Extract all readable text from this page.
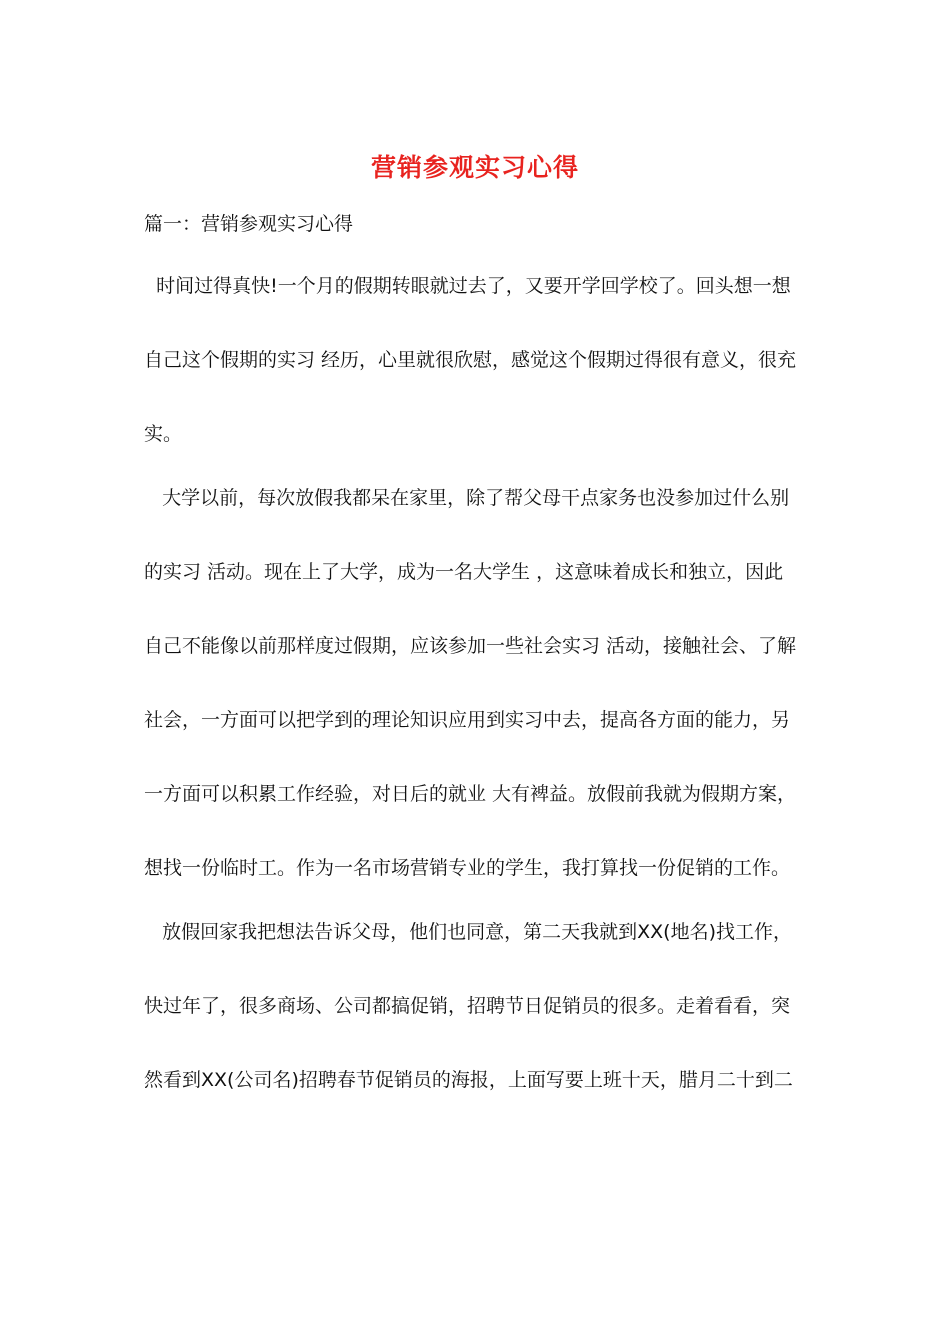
营销参观实习心得
篇一：营销参观实习心得
时间过得真快!一个月的假期转眼就过去了，又要开学回学校了。回头想一想
自己这个假期的实习 经历，心里就很欣慰，感觉这个假期过得很有意义，很充
实。
大学以前，每次放假我都呆在家里，除了帮父母干点家务也没参加过什么别
的实习 活动。现在上了大学，成为一名大学生 ，这意味着成长和独立，因此
自己不能像以前那样度过假期，应该参加一些社会实习 活动，接触社会、了解
社会，一方面可以把学到的理论知识应用到实习中去，提高各方面的能力，另
一方面可以积累工作经验，对日后的就业 大有裨益。放假前我就为假期方案，
想找一份临时工。作为一名市场营销专业的学生，我打算找一份促销的工作。
放假回家我把想法告诉父母，他们也同意，第二天我就到XX(地名)找工作，
快过年了，很多商场、公司都搞促销，招聘节日促销员的很多。走着看看，突
然看到XX(公司名)招聘春节促销员的海报，上面写要上班十天，腊月二十到二
